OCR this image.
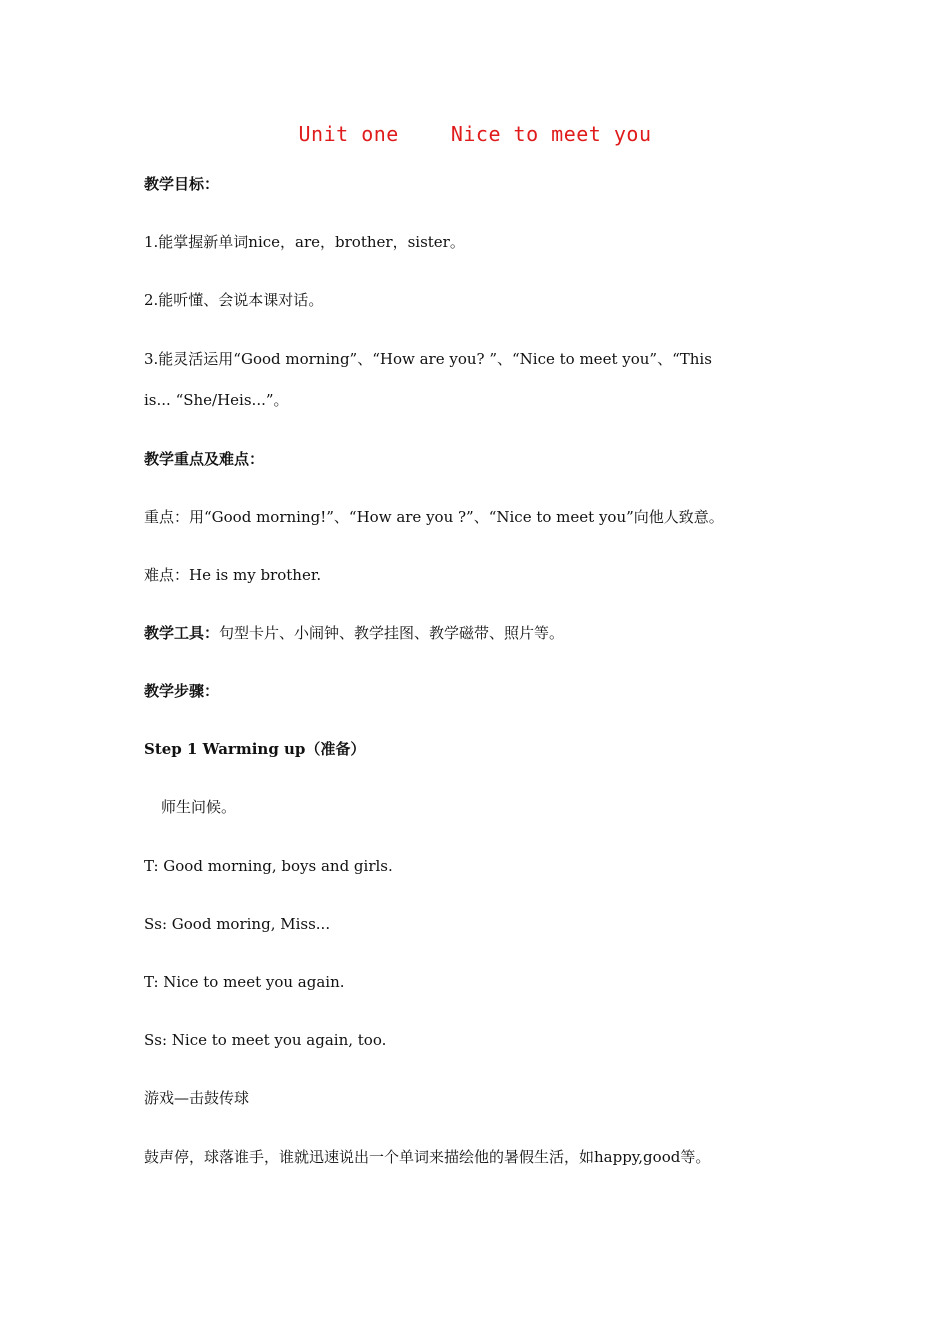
Unit one	Nice to meet you
教学目标：
1.能掌握新单词nice，are，brother，sister。
2.能听懂、会说本课对话。
3.能灵活运用“Good morning”、“How are you? ”、“Nice to meet you”、“This
is... “She/Heis...”。
教学重点及难点：
重点：用“Good morning!”、“How are you ?”、“Nice to meet you”向他人致意。
难点：He is my brother.
教学工具：句型卡片、小闹钟、教学挂图、教学磁带、照片等。
教学步骤：
Step 1 Warming up（准备）
师生问候。
T: Good morning, boys and girls.
Ss: Good moring, Miss...
T: Nice to meet you again.
Ss: Nice to meet you again, too.
游戏—击鼓传球
鼓声停，球落谁手，谁就迅速说出一个单词来描绘他的暑假生活，如happy,good等。
